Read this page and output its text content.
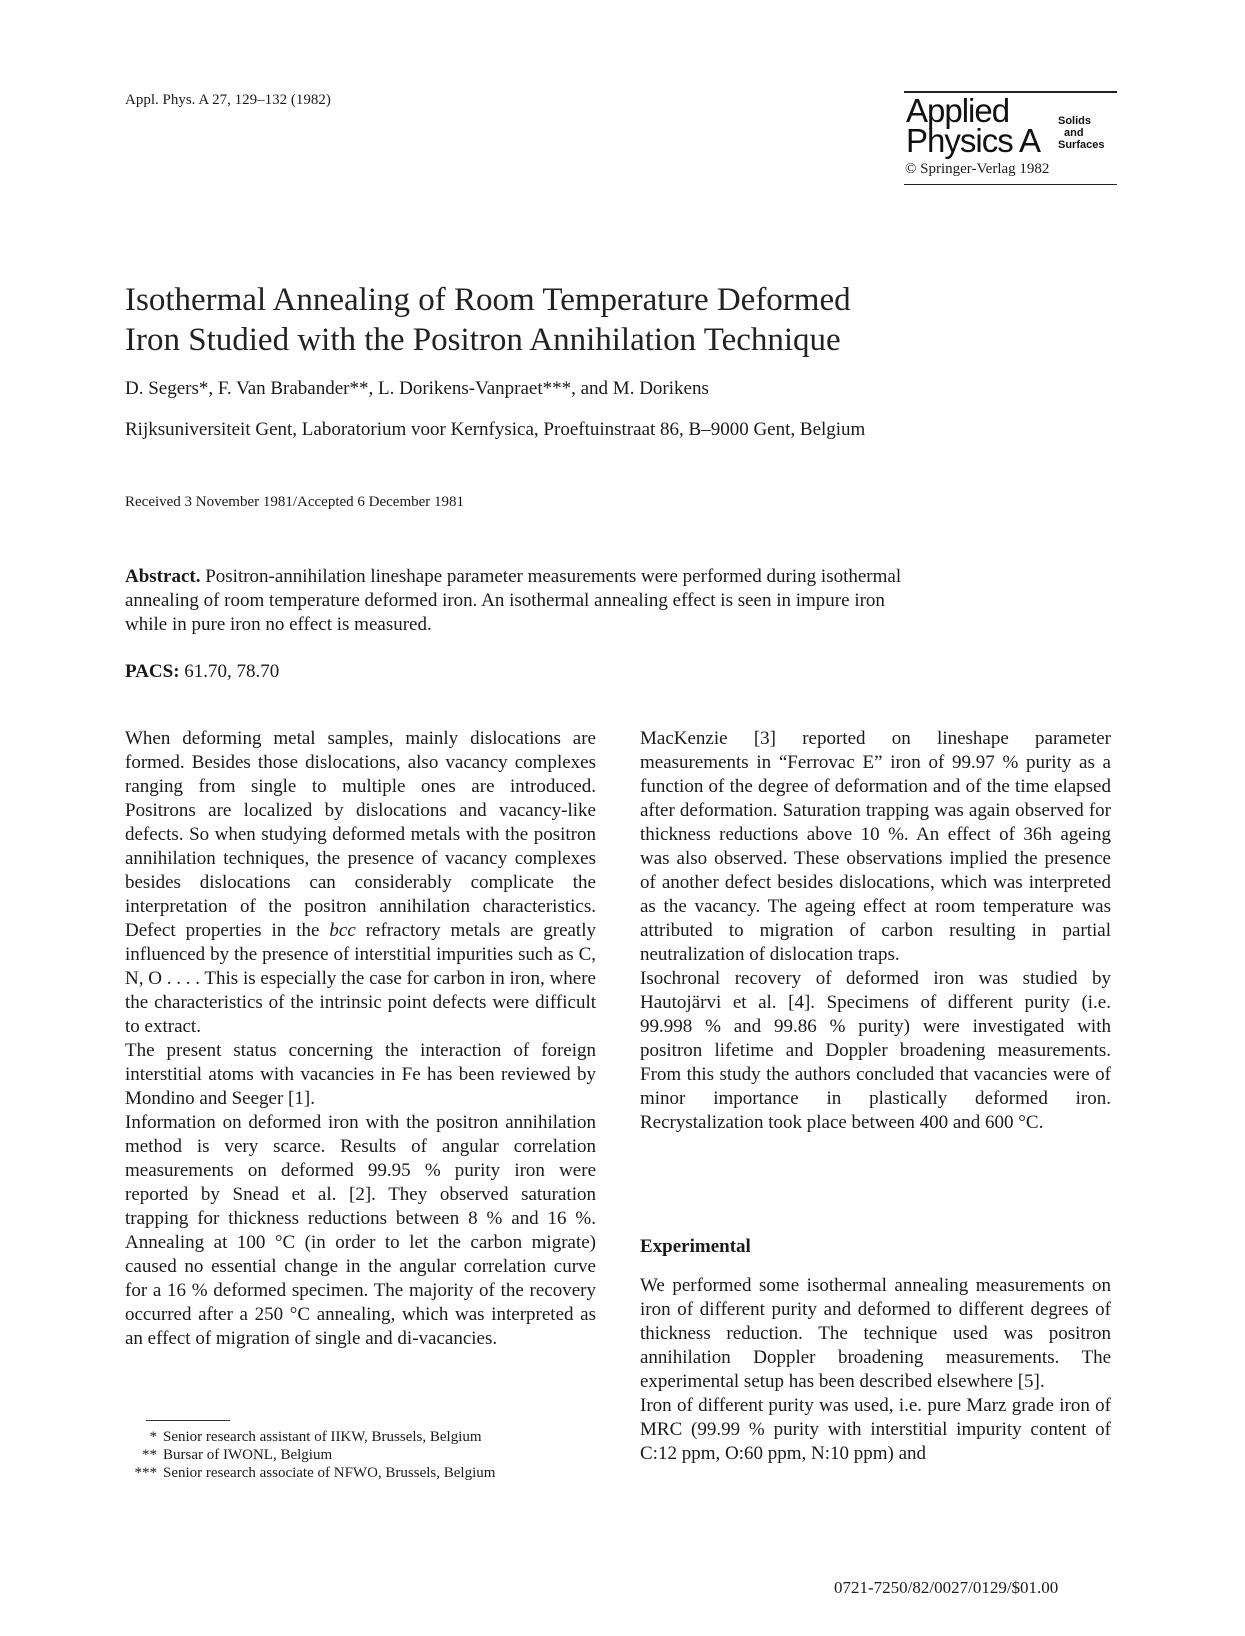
Appl. Phys. A 27, 129–132 (1982)	Applied
Physics A
Solids
and
Surfaces
© Springer-Verlag 1982
Isothermal Annealing of Room Temperature Deformed
Iron Studied with the Positron Annihilation Technique
D. Segers*, F. Van Brabander**, L. Dorikens-Vanpraet***, and M. Dorikens
Rijksuniversiteit Gent, Laboratorium voor Kernfysica, Proeftuinstraat 86, B–9000 Gent, Belgium
Received 3 November 1981/Accepted 6 December 1981
Abstract. Positron-annihilation lineshape parameter measurements were performed during isothermal annealing of room temperature deformed iron. An isothermal annealing effect is seen in impure iron while in pure iron no effect is measured.
PACS: 61.70, 78.70

When deforming metal samples, mainly dislocations are formed. Besides those dislocations, also vacancy complexes ranging from single to multiple ones are introduced. Positrons are localized by dislocations and vacancy-like defects. So when studying deformed metals with the positron annihilation techniques, the presence of vacancy complexes besides dislocations can considerably complicate the interpretation of the positron annihilation characteristics. Defect properties in the bcc refractory metals are greatly influenced by the presence of interstitial impurities such as C, N, O . . . . This is especially the case for carbon in iron, where the characteristics of the intrinsic point defects were difficult to extract.

The present status concerning the interaction of foreign interstitial atoms with vacancies in Fe has been reviewed by Mondino and Seeger [1].

Information on deformed iron with the positron annihilation method is very scarce. Results of angular correlation measurements on deformed 99.95 % purity iron were reported by Snead et al. [2]. They observed saturation trapping for thickness reductions between 8 % and 16 %. Annealing at 100 °C (in order to let the carbon migrate) caused no essential change in the angular correlation curve for a 16 % deformed specimen. The majority of the recovery occurred after a 250 °C annealing, which was interpreted as an effect of migration of single and di-vacancies.

MacKenzie [3] reported on lineshape parameter measurements in “Ferrovac E” iron of 99.97 % purity as a function of the degree of deformation and of the time elapsed after deformation. Saturation trapping was again observed for thickness reductions above 10 %. An effect of 36h ageing was also observed. These observations implied the presence of another defect besides dislocations, which was interpreted as the vacancy. The ageing effect at room temperature was attributed to migration of carbon resulting in partial neutralization of dislocation traps.

Isochronal recovery of deformed iron was studied by Hautojärvi et al. [4]. Specimens of different purity (i.e. 99.998 % and 99.86 % purity) were investigated with positron lifetime and Doppler broadening measurements. From this study the authors concluded that vacancies were of minor importance in plastically deformed iron. Recrystalization took place between 400 and 600 °C.

Experimental

We performed some isothermal annealing measurements on iron of different purity and deformed to different degrees of thickness reduction. The technique used was positron annihilation Doppler broadening measurements. The experimental setup has been described elsewhere [5].

Iron of different purity was used, i.e. pure Marz grade iron of MRC (99.99 % purity with interstitial impurity content of C:12 ppm, O:60 ppm, N:10 ppm) and

* Senior research assistant of IIKW, Brussels, Belgium
** Bursar of IWONL, Belgium
*** Senior research associate of NFWO, Brussels, Belgium
0721-7250/82/0027/0129/$01.00
